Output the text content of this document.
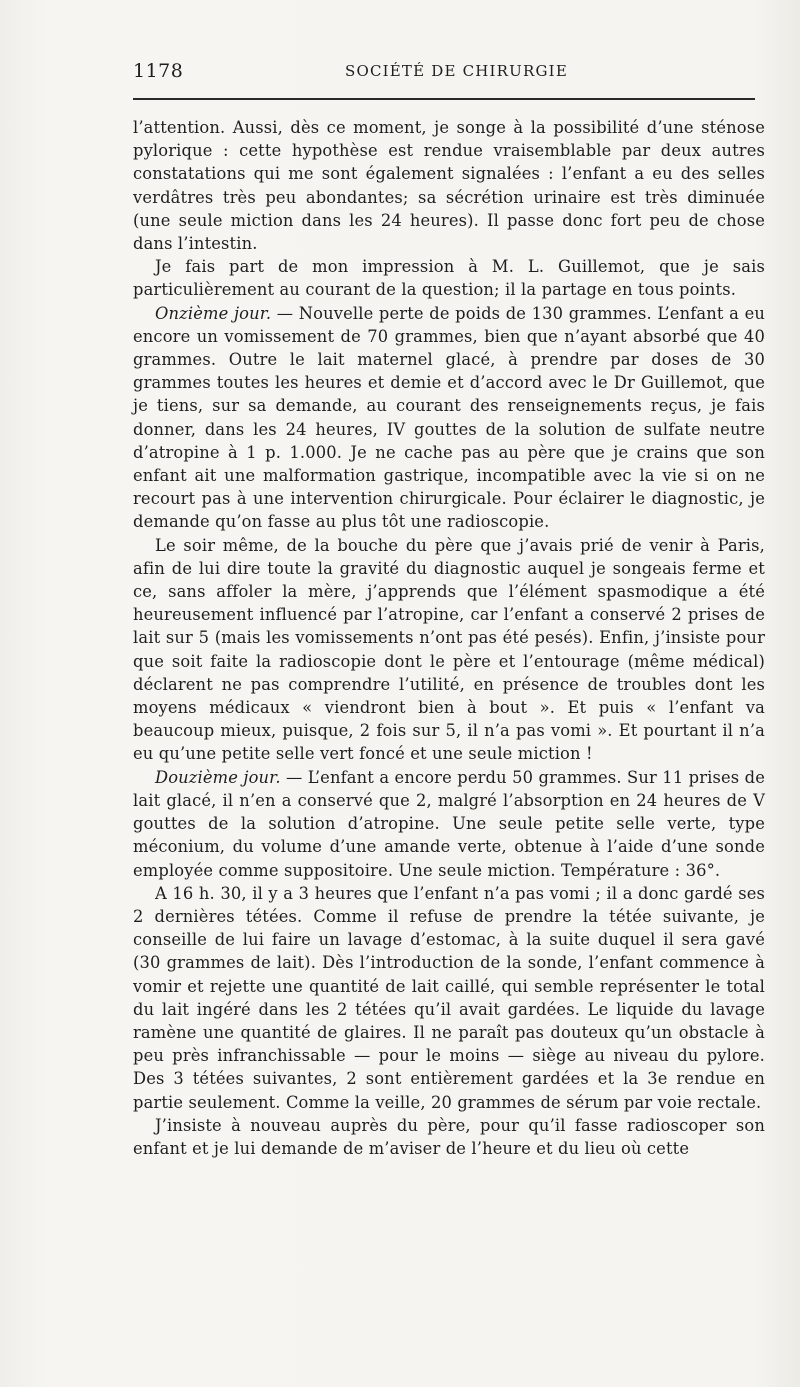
1178	SOCIÉTÉ DE CHIRURGIE

l’attention. Aussi, dès ce moment, je songe à la possibilité d’une sténose pylorique : cette hypothèse est rendue vraisemblable par deux autres constatations qui me sont également signalées : l’enfant a eu des selles verdâtres très peu abondantes; sa sécrétion urinaire est très diminuée (une seule miction dans les 24 heures). Il passe donc fort peu de chose dans l’intestin.

Je fais part de mon impression à M. L. Guillemot, que je sais particulièrement au courant de la question; il la partage en tous points.

Onzième jour. — Nouvelle perte de poids de 130 grammes. L’enfant a eu encore un vomissement de 70 grammes, bien que n’ayant absorbé que 40 grammes. Outre le lait maternel glacé, à prendre par doses de 30 grammes toutes les heures et demie et d’accord avec le Dr Guillemot, que je tiens, sur sa demande, au courant des renseignements reçus, je fais donner, dans les 24 heures, IV gouttes de la solution de sulfate neutre d’atropine à 1 p. 1.000. Je ne cache pas au père que je crains que son enfant ait une malformation gastrique, incompatible avec la vie si on ne recourt pas à une intervention chirurgicale. Pour éclairer le diagnostic, je demande qu’on fasse au plus tôt une radioscopie.

Le soir même, de la bouche du père que j’avais prié de venir à Paris, afin de lui dire toute la gravité du diagnostic auquel je songeais ferme et ce, sans affoler la mère, j’apprends que l’élément spasmodique a été heureusement influencé par l’atropine, car l’enfant a conservé 2 prises de lait sur 5 (mais les vomissements n’ont pas été pesés). Enfin, j’insiste pour que soit faite la radioscopie dont le père et l’entourage (même médical) déclarent ne pas comprendre l’utilité, en présence de troubles dont les moyens médicaux « viendront bien à bout ». Et puis « l’enfant va beaucoup mieux, puisque, 2 fois sur 5, il n’a pas vomi ». Et pourtant il n’a eu qu’une petite selle vert foncé et une seule miction !

Douzième jour. — L’enfant a encore perdu 50 grammes. Sur 11 prises de lait glacé, il n’en a conservé que 2, malgré l’absorption en 24 heures de V gouttes de la solution d’atropine. Une seule petite selle verte, type méconium, du volume d’une amande verte, obtenue à l’aide d’une sonde employée comme suppositoire. Une seule miction. Température : 36°.

A 16 h. 30, il y a 3 heures que l’enfant n’a pas vomi ; il a donc gardé ses 2 dernières tétées. Comme il refuse de prendre la tétée suivante, je conseille de lui faire un lavage d’estomac, à la suite duquel il sera gavé (30 grammes de lait). Dès l’introduction de la sonde, l’enfant commence à vomir et rejette une quantité de lait caillé, qui semble représenter le total du lait ingéré dans les 2 tétées qu’il avait gardées. Le liquide du lavage ramène une quantité de glaires. Il ne paraît pas douteux qu’un obstacle à peu près infranchissable — pour le moins — siège au niveau du pylore. Des 3 tétées suivantes, 2 sont entièrement gardées et la 3e rendue en partie seulement. Comme la veille, 20 grammes de sérum par voie rectale.

J’insiste à nouveau auprès du père, pour qu’il fasse radioscoper son enfant et je lui demande de m’aviser de l’heure et du lieu où cette
